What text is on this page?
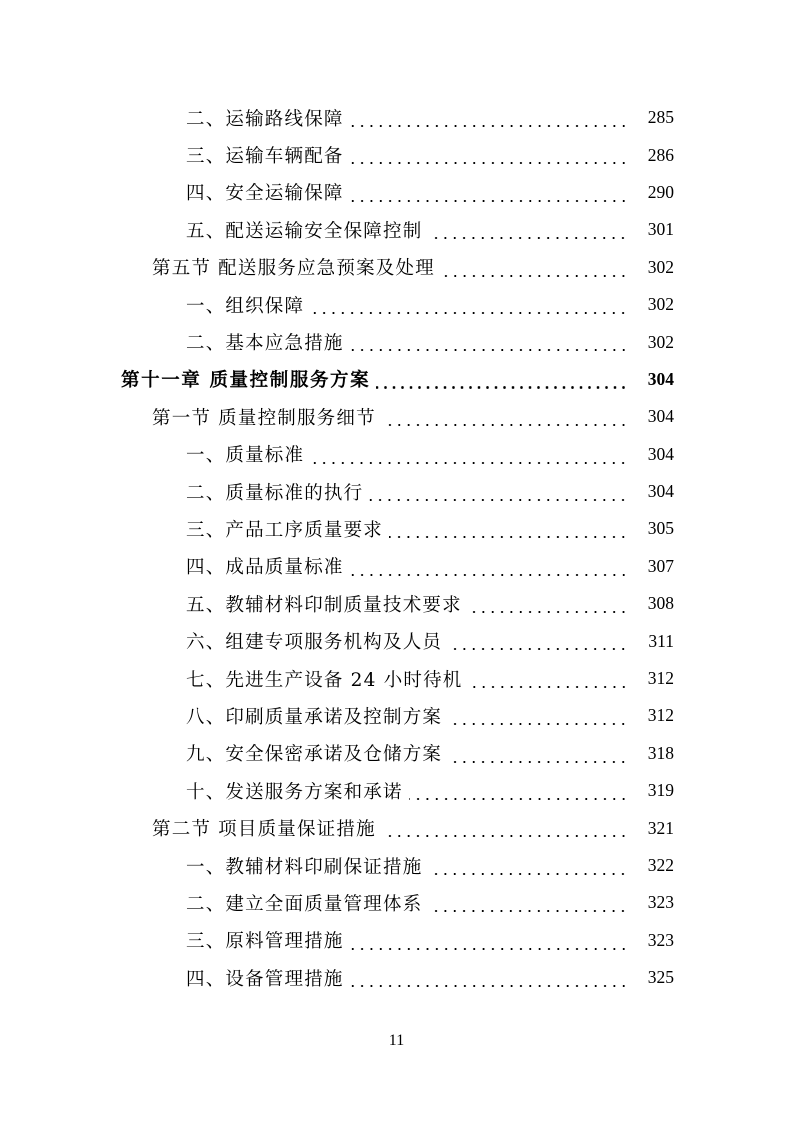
二、运输路线保障	285
三、运输车辆配备	286
四、安全运输保障	290
五、配送运输安全保障控制	301
第五节 配送服务应急预案及处理	302
一、组织保障	302
二、基本应急措施	302
第十一章 质量控制服务方案	304
第一节 质量控制服务细节	304
一、质量标准	304
二、质量标准的执行	304
三、产品工序质量要求	305
四、成品质量标准	307
五、教辅材料印制质量技术要求	308
六、组建专项服务机构及人员	311
七、先进生产设备 24 小时待机	312
八、印刷质量承诺及控制方案	312
九、安全保密承诺及仓储方案	318
十、发送服务方案和承诺	319
第二节 项目质量保证措施	321
一、教辅材料印刷保证措施	322
二、建立全面质量管理体系	323
三、原料管理措施	323
四、设备管理措施	325
11
